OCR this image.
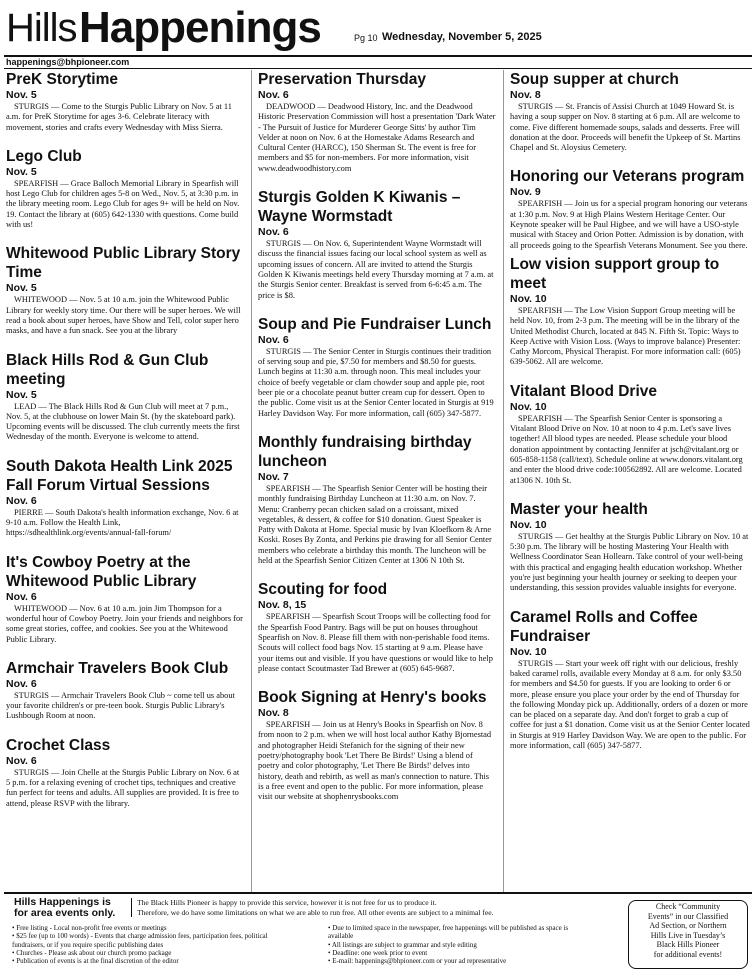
Hills Happenings	Pg 10 Wednesday, November 5, 2025
happenings@bhpioneer.com
PreK Storytime
Nov. 5

STURGIS — Come to the Sturgis Public Library on Nov. 5 at 11 a.m. for PreK Storytime for ages 3-6. Celebrate literacy with movement, stories and crafts every Wednesday with Miss Sierra.

Lego Club
Nov. 5

SPEARFISH — Grace Balloch Memorial Library in Spearfish will host Lego Club for children ages 5-8 on Wed., Nov. 5, at 3:30 p.m. in the library meeting room. Lego Club for ages 9+ will be held on Nov. 19. Contact the library at (605) 642-1330 with questions. Come build with us!

Whitewood Public Library Story Time
Nov. 5

WHITEWOOD — Nov. 5 at 10 a.m. join the Whitewood Public Library for weekly story time. Our there will be super heroes. We will read a book about super heroes, have Show and Tell, color super hero masks, and have a fun snack. See you at the library

Black Hills Rod & Gun Club meeting
Nov. 5

LEAD — The Black Hills Rod & Gun Club will meet at 7 p.m., Nov. 5, at the clubhouse on lower Main St. (by the skateboard park). Upcoming events will be discussed. The club currently meets the first Wednesday of the month. Everyone is welcome to attend.

South Dakota Health Link 2025 Fall Forum Virtual Sessions
Nov. 6

PIERRE — South Dakota's health information exchange, Nov. 6 at 9-10 a.m. Follow the Health Link, https://sdhealthlink.org/events/annual-fall-forum/

It's Cowboy Poetry at the Whitewood Public Library
Nov. 6

WHITEWOOD — Nov. 6 at 10 a.m. join Jim Thompson for a wonderful hour of Cowboy Poetry. Join your friends and neighbors for some great stories, coffee, and cookies. See you at the Whitewood Public Library.

Armchair Travelers Book Club
Nov. 6

STURGIS — Armchair Travelers Book Club ~ come tell us about your favorite children's or pre-teen book. Sturgis Public Library's Lushbough Room at noon.

Crochet Class
Nov. 6

STURGIS — Join Chelle at the Sturgis Public Library on Nov. 6 at 5 p.m. for a relaxing evening of crochet tips, techniques and creative fun perfect for teens and adults. All supplies are provided. It is free to attend, please RSVP with the library.

Preservation Thursday
Nov. 6

DEADWOOD — Deadwood History, Inc. and the Deadwood Historic Preservation Commission will host a presentation 'Dark Water - The Pursuit of Justice for Murderer George Sitts' by author Tim Velder at noon on Nov. 6 at the Homestake Adams Research and Cultural Center (HARCC), 150 Sherman St. The event is free for members and $5 for non-members. For more information, visit www.deadwoodhistory.com

Sturgis Golden K Kiwanis – Wayne Wormstadt
Nov. 6

STURGIS — On Nov. 6, Superintendent Wayne Wormstadt will discuss the financial issues facing our local school system as well as upcoming issues of concern. All are invited to attend the Sturgis Golden K Kiwanis meetings held every Thursday morning at 7 a.m. at the Sturgis Senior center. Breakfast is served from 6-6:45 a.m. The price is $8.

Soup and Pie Fundraiser Lunch
Nov. 6

STURGIS — The Senior Center in Sturgis continues their tradition of serving soup and pie, $7.50 for members and $8.50 for guests. Lunch begins at 11:30 a.m. through noon. This meal includes your choice of beefy vegetable or clam chowder soup and apple pie, root beer pie or a chocolate peanut butter cream cup for dessert. Open to the public. Come visit us at the Senior Center located in Sturgis at 919 Harley Davidson Way. For more information, call (605) 347-5877.

Monthly fundraising birthday luncheon
Nov. 7

SPEARFISH — The Spearfish Senior Center will be hosting their monthly fundraising Birthday Luncheon at 11:30 a.m. on Nov. 7. Menu: Cranberry pecan chicken salad on a croissant, mixed vegetables, & dessert, & coffee for $10 donation. Guest Speaker is Patty with Dakota at Home. Special music by Ivan Kloefkorn & Arne Koski. Roses By Zonta, and Perkins pie drawing for all Senior Center members who celebrate a birthday this month. The luncheon will be held at the Spearfish Senior Citizen Center at 1306 N 10th St.

Scouting for food
Nov. 8, 15

SPEARFISH — Spearfish Scout Troops will be collecting food for the Spearfish Food Pantry. Bags will be put on houses throughout Spearfish on Nov. 8. Please fill them with non-perishable food items. Scouts will collect food bags Nov. 15 starting at 9 a.m. Please have your items out and visible. If you have questions or would like to help please contact Scoutmaster Tad Brewer at (605) 645-9687.

Book Signing at Henry's books
Nov. 8

SPEARFISH — Join us at Henry's Books in Spearfish on Nov. 8 from noon to 2 p.m. when we will host local author Kathy Bjornestad and photographer Heidi Stefanich for the signing of their new poetry/photography book 'Let There Be Birds!' Using a blend of poetry and color photography, 'Let There Be Birds!' delves into history, death and rebirth, as well as man's connection to nature. This is a free event and open to the public. For more information, please visit our website at shophenrysbooks.com

Soup supper at church
Nov. 8

STURGIS — St. Francis of Assisi Church at 1049 Howard St. is having a soup supper on Nov. 8 starting at 6 p.m. All are welcome to come. Five different homemade soups, salads and desserts. Free will donation at the door. Proceeds will benefit the Upkeep of St. Martins Chapel and St. Aloysius Cemetery.

Honoring our Veterans program
Nov. 9

SPEARFISH — Join us for a special program honoring our veterans at 1:30 p.m. Nov. 9 at High Plains Western Heritage Center. Our Keynote speaker will be Paul Higbee, and we will have a USO-style musical with Stacey and Orion Potter. Admission is by donation, with all proceeds going to the Spearfish Veterans Monument. See you there.

Low vision support group to meet
Nov. 10

SPEARFISH — The Low Vision Support Group meeting will be held Nov. 10, from 2-3 p.m. The meeting will be in the library of the United Methodist Church, located at 845 N. Fifth St. Topic: Ways to Keep Active with Vision Loss. (Ways to improve balance) Presenter: Cathy Morcom, Physical Therapist. For more information call: (605) 639-5062. All are welcome.

Vitalant Blood Drive
Nov. 10

SPEARFISH — The Spearfish Senior Center is sponsoring a Vitalant Blood Drive on Nov. 10 at noon to 4 p.m. Let's save lives together! All blood types are needed. Please schedule your blood donation appointment by contacting Jennifer at jsch@vitalant.org or 605-858-1158 (call/text). Schedule online at www.donors.vitalant.org and enter the blood drive code:100562892. All are welcome. Located at1306 N. 10th St.

Master your health
Nov. 10

STURGIS — Get healthy at the Sturgis Public Library on Nov. 10 at 5:30 p.m. The library will be hosting Mastering Your Health with Wellness Coordinator Sean Hollearn. Take control of your well-being with this practical and engaging health education workshop. Whether you're just beginning your health journey or seeking to deepen your understanding, this session provides valuable insights for everyone.

Caramel Rolls and Coffee Fundraiser
Nov. 10

STURGIS — Start your week off right with our delicious, freshly baked caramel rolls, available every Monday at 8 a.m. for only $3.50 for members and $4.50 for guests. If you are looking to order 6 or more, please ensure you place your order by the end of Thursday for the following Monday pick up. Additionally, orders of a dozen or more can be placed on a separate day. And don't forget to grab a cup of coffee for just a $1 donation. Come visit us at the Senior Center located in Sturgis at 919 Harley Davidson Way. We are open to the public. For more information, call (605) 347-5877.

Hills Happenings is
for area events only.
The Black Hills Pioneer is happy to provide this service, however it is not free for us to produce it.
Therefore, we do have some limitations on what we are able to run free. All other events are subject to a minimal fee.
• Free listing - Local non-profit free events or meetings
• $25 fee (up to 100 words) - Events that charge admission fees, participation fees, political
fundraisers, or if you require specific publishing dates
• Churches - Please ask about our church promo package
• Publication of events is at the final discretion of the editor
• Due to limited space in the newspaper, free happenings will be published as space is
available
• All listings are subject to grammar and style editing
• Deadline: one week prior to event
• E-mail: happenings@bhpioneer.com or your ad representative
Check “Community
Events” in our Classified
Ad Section, or Northern
Hills Live in Tuesday’s
Black Hills Pioneer
for additional events!
